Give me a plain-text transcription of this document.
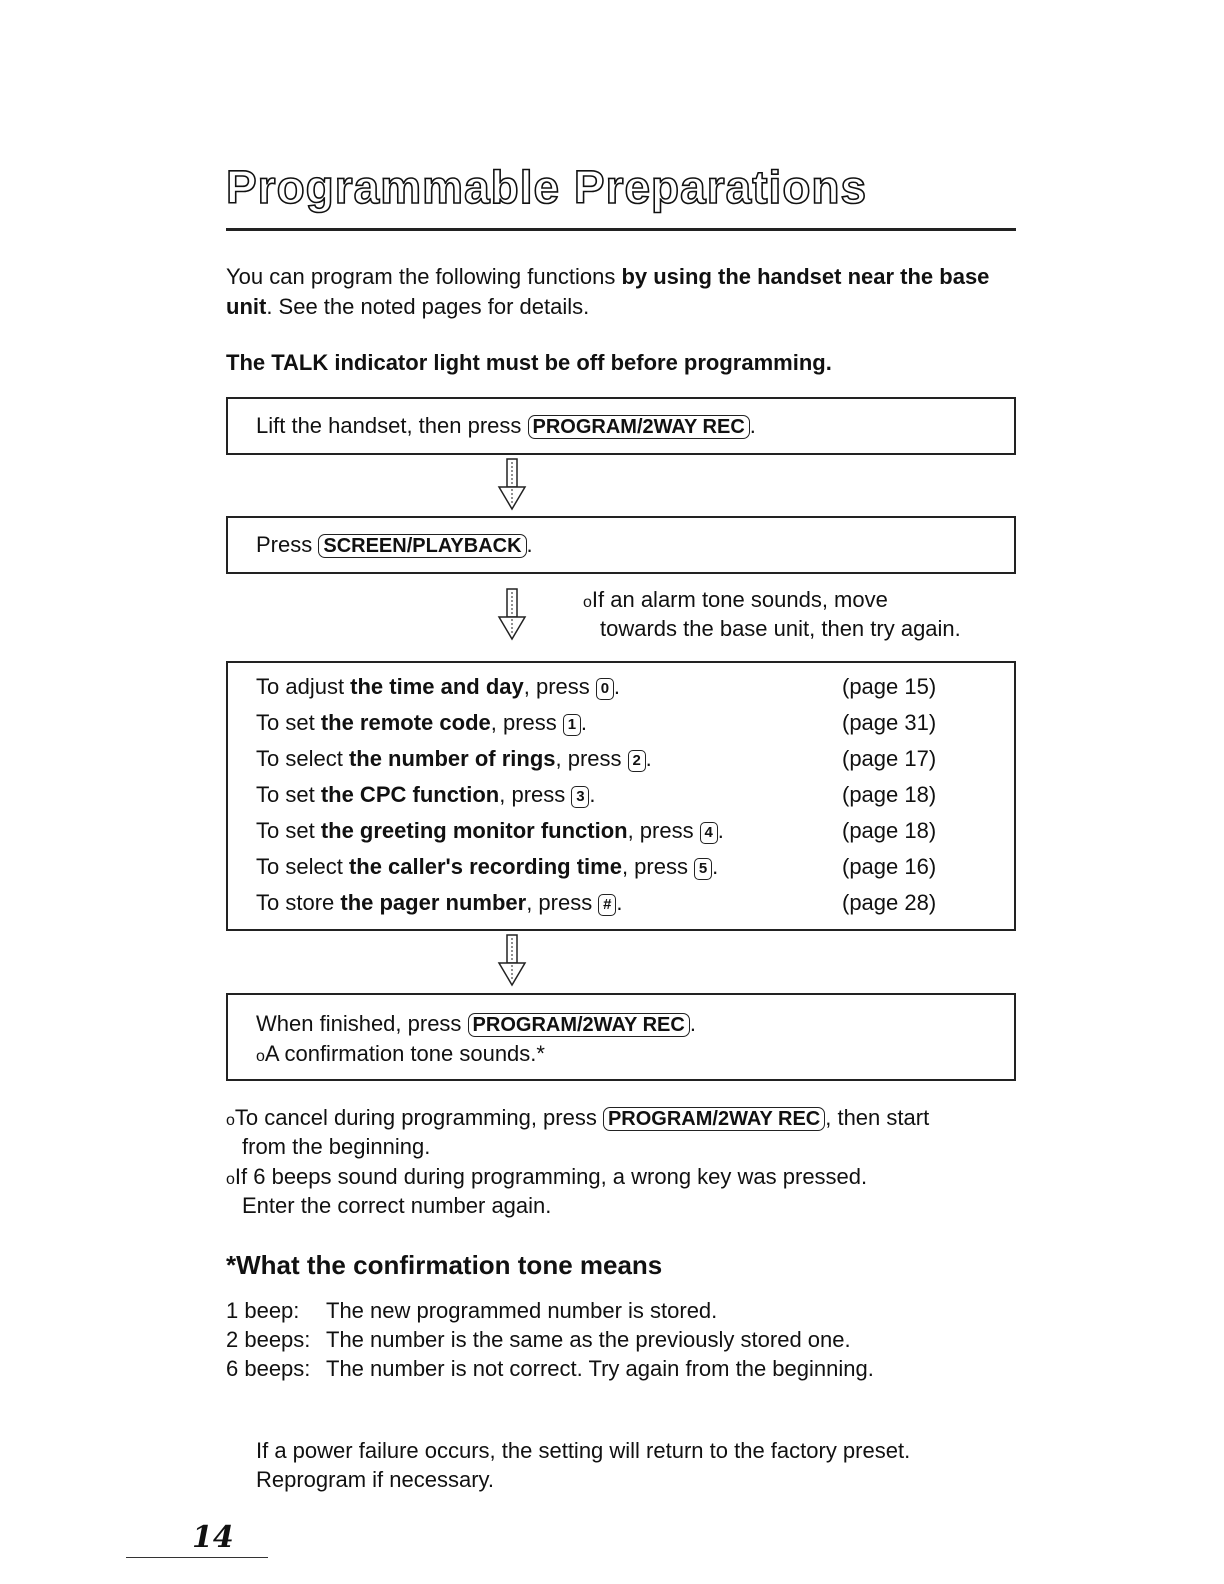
Programmable Preparations
You can program the following functions by using the handset near the base unit. See the noted pages for details.
The TALK indicator light must be off before programming.
Lift the handset, then press PROGRAM/2WAY REC .
Press SCREEN/PLAYBACK .
oIf an alarm tone sounds, move
towards the base unit, then try again.
To adjust the time and day, press 0 .	(page 15)
To set the remote code, press 1 .	(page 31)
To select the number of rings, press 2 .	(page 17)
To set the CPC function, press 3 .	(page 18)
To set the greeting monitor function, press 4 .	(page 18)
To select the caller's recording time, press 5 .	(page 16)
To store the pager number, press # .	(page 28)
When finished, press PROGRAM/2WAY REC .
oA confirmation tone sounds.*
oTo cancel during programming, press PROGRAM/2WAY REC , then start
from the beginning.
oIf 6 beeps sound during programming, a wrong key was pressed.
Enter the correct number again.
*What the confirmation tone means
1 beep: The new programmed number is stored.
2 beeps: The number is the same as the previously stored one.
6 beeps: The number is not correct. Try again from the beginning.
If a power failure occurs, the setting will return to the factory preset.
Reprogram if necessary.
14
